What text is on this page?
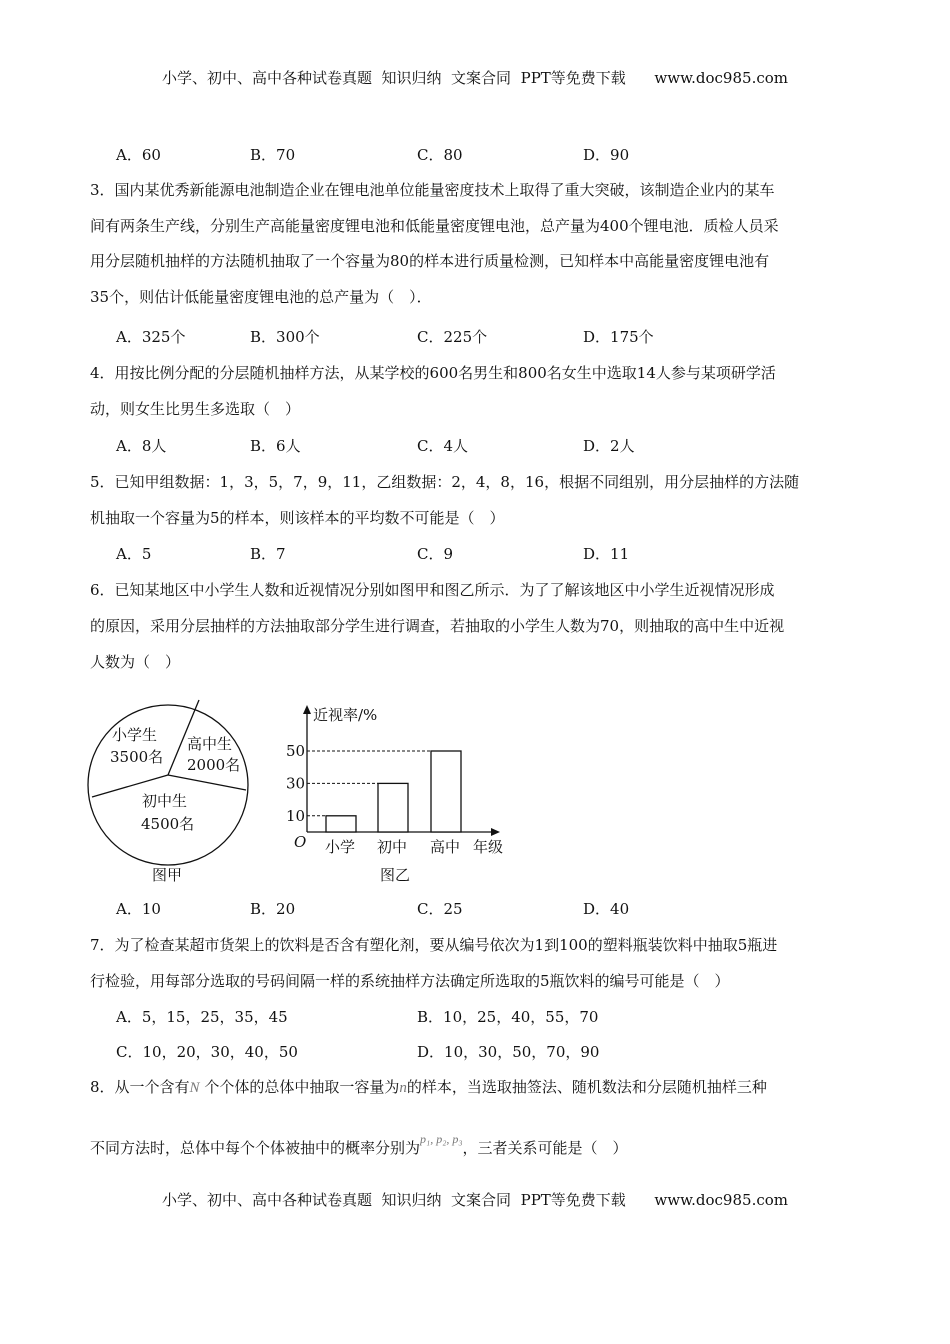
小学、初中、高中各种试卷真题  知识归纳  文案合同  PPT等免费下载      www.doc985.com
A．60	B．70	C．80	D．90
3．国内某优秀新能源电池制造企业在锂电池单位能量密度技术上取得了重大突破，该制造企业内的某车
间有两条生产线，分别生产高能量密度锂电池和低能量密度锂电池，总产量为400个锂电池．质检人员采
用分层随机抽样的方法随机抽取了一个容量为80的样本进行质量检测，已知样本中高能量密度锂电池有
35个，则估计低能量密度锂电池的总产量为（　）．
A．325个	B．300个	C．225个	D．175个
4．用按比例分配的分层随机抽样方法，从某学校的600名男生和800名女生中选取14人参与某项研学活
动，则女生比男生多选取（　）
A．8人	B．6人	C．4人	D．2人
5．已知甲组数据：1，3，5，7，9，11，乙组数据：2，4，8，16，根据不同组别，用分层抽样的方法随
机抽取一个容量为5的样本，则该样本的平均数不可能是（　）
A．5	B．7	C．9	D．11
6．已知某地区中小学生人数和近视情况分别如图甲和图乙所示．为了了解该地区中小学生近视情况形成
的原因，采用分层抽样的方法抽取部分学生进行调查，若抽取的小学生人数为70，则抽取的高中生中近视
人数为（　）
小学生
3500名
高中生
2000名
初中生
4500名
图甲
近视率/%
年级
O
图乙
10
小学
30
初中
50
高中
A．10	B．20	C．25	D．40
7．为了检查某超市货架上的饮料是否含有塑化剂，要从编号依次为1到100的塑料瓶装饮料中抽取5瓶进
行检验，用每部分选取的号码间隔一样的系统抽样方法确定所选取的5瓶饮料的编号可能是（　）
A．5，15，25，35，45	B．10，25，40，55，70
C．10，20，30，40，50	D．10，30，50，70，90
8．从一个含有N 个个体的总体中抽取一容量为n的样本，当选取抽签法、随机数法和分层随机抽样三种
不同方法时，总体中每个个体被抽中的概率分别为$^{p_1, p_2, p_3}$，三者关系可能是（　）
小学、初中、高中各种试卷真题  知识归纳  文案合同  PPT等免费下载      www.doc985.com
